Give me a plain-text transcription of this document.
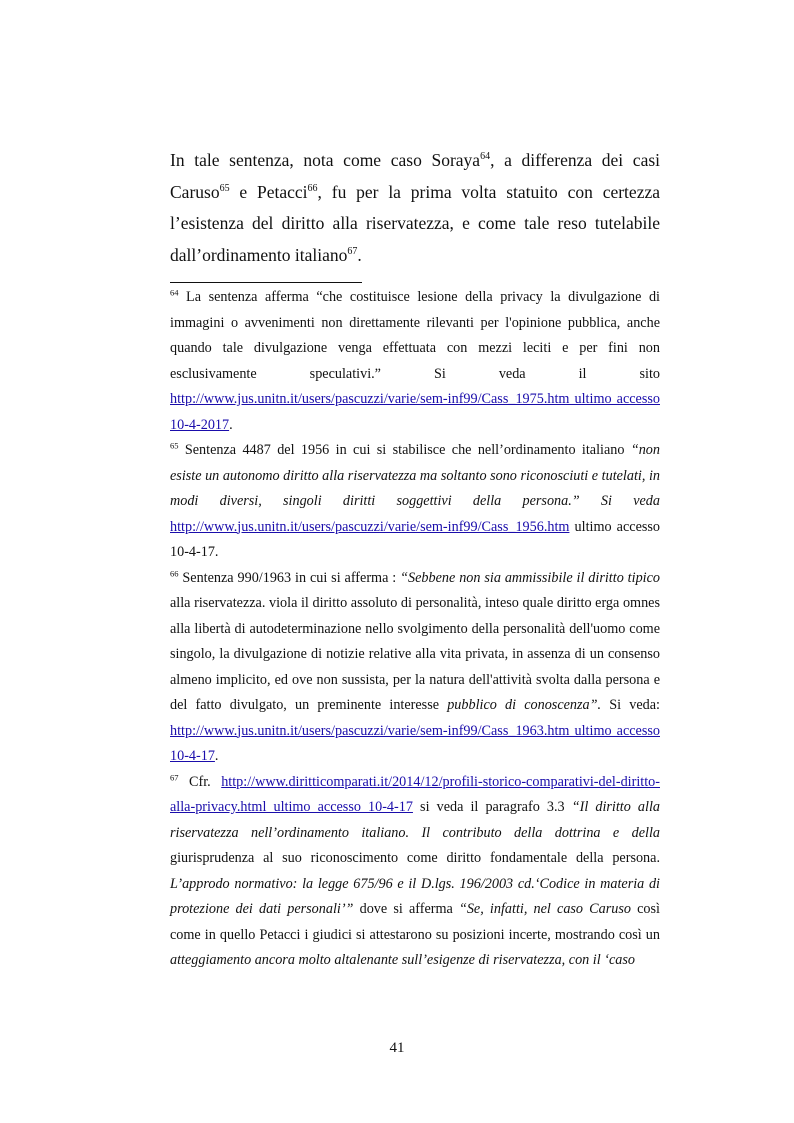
In tale sentenza, nota come caso Soraya$^{64}$, a differenza dei casi Caruso$^{65}$ e Petacci$^{66}$, fu per la prima volta statuito con certezza l’esistenza del diritto alla riservatezza, e come tale reso tutelabile dall’ordinamento italiano$^{67}$.

$^{64}$ La sentenza afferma “che costituisce lesione della privacy la divulgazione di immagini o avvenimenti non direttamente rilevanti per l'opinione pubblica, anche quando tale divulgazione venga effettuata con mezzi leciti e per fini non esclusivamente speculativi.” Si veda il sito http://www.jus.unitn.it/users/pascuzzi/varie/sem-inf99/Cass_1975.htm ultimo accesso 10-4-2017.

$^{65}$ Sentenza 4487 del 1956 in cui si stabilisce che nell’ordinamento italiano “non esiste un autonomo diritto alla riservatezza ma soltanto sono riconosciuti e tutelati, in modi diversi, singoli diritti soggettivi della persona.” Si veda http://www.jus.unitn.it/users/pascuzzi/varie/sem-inf99/Cass_1956.htm ultimo accesso 10-4-17.

$^{66}$ Sentenza 990/1963 in cui si afferma : “Sebbene non sia ammissibile il diritto tipico alla riservatezza. viola il diritto assoluto di personalità, inteso quale diritto erga omnes alla libertà di autodeterminazione nello svolgimento della personalità dell'uomo come singolo, la divulgazione di notizie relative alla vita privata, in assenza di un consenso almeno implicito, ed ove non sussista, per la natura dell'attività svolta dalla persona e del fatto divulgato, un preminente interesse pubblico di conoscenza”. Si veda: http://www.jus.unitn.it/users/pascuzzi/varie/sem-inf99/Cass_1963.htm ultimo accesso 10-4-17.

$^{67}$ Cfr. http://www.diritticomparati.it/2014/12/profili-storico-comparativi-del-diritto-alla-privacy.html ultimo accesso 10-4-17 si veda il paragrafo 3.3 “Il diritto alla riservatezza nell’ordinamento italiano. Il contributo della dottrina e della giurisprudenza al suo riconoscimento come diritto fondamentale della persona. L’approdo normativo: la legge 675/96 e il D.lgs. 196/2003 cd.‘Codice in materia di protezione dei dati personali’” dove si afferma “Se, infatti, nel caso Caruso così come in quello Petacci i giudici si attestarono su posizioni incerte, mostrando così un atteggiamento ancora molto altalenante sull’esigenze di riservatezza, con il ‘caso

41
